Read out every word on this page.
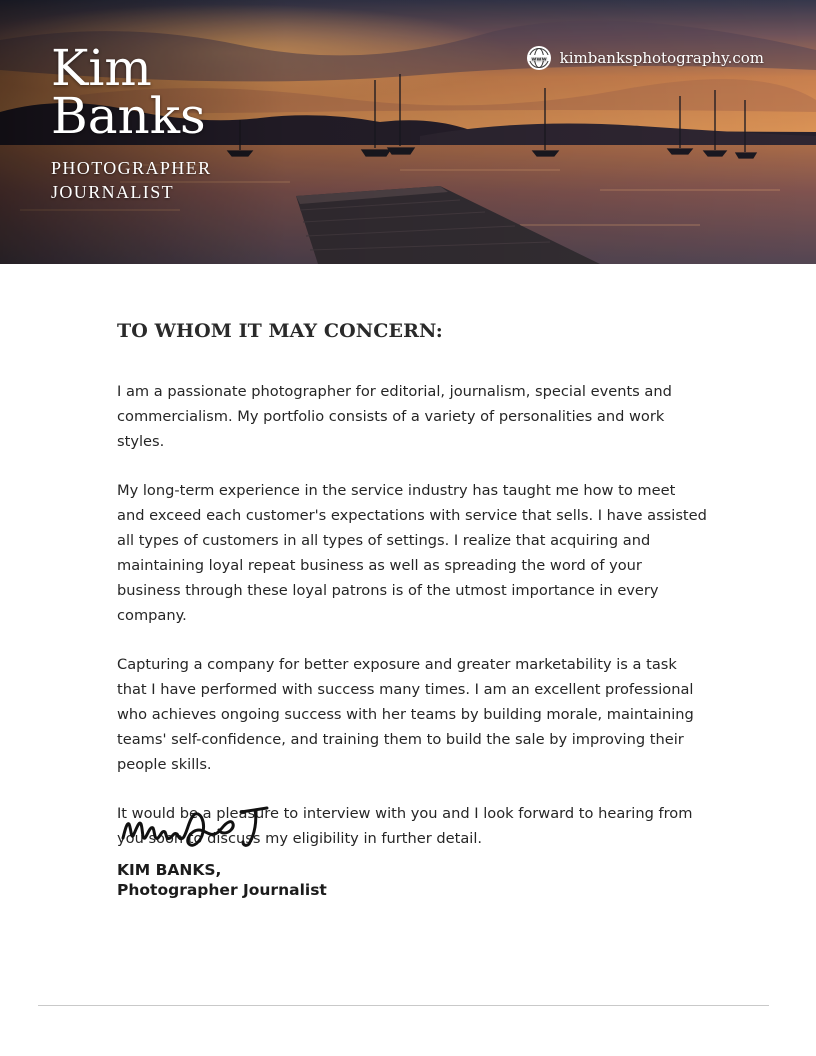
Kim
Banks
PHOTOGRAPHER
JOURNALIST
www kimbanksphotography.com
TO WHOM IT MAY CONCERN:

I am a passionate photographer for editorial, journalism, special events and commercialism. My portfolio consists of a variety of personalities and work styles.

My long-term experience in the service industry has taught me how to meet and exceed each customer's expectations with service that sells. I have assisted all types of customers in all types of settings. I realize that acquiring and maintaining loyal repeat business as well as spreading the word of your business through these loyal patrons is of the utmost importance in every company.

Capturing a company for better exposure and greater marketability is a task that I have performed with success many times. I am an excellent professional who achieves ongoing success with her teams by building morale, maintaining teams' self-confidence, and training them to build the sale by improving their people skills.

It would be a pleasure to interview with you and I look forward to hearing from you soon to discuss my eligibility in further detail.

KIM BANKS,
Photographer Journalist
